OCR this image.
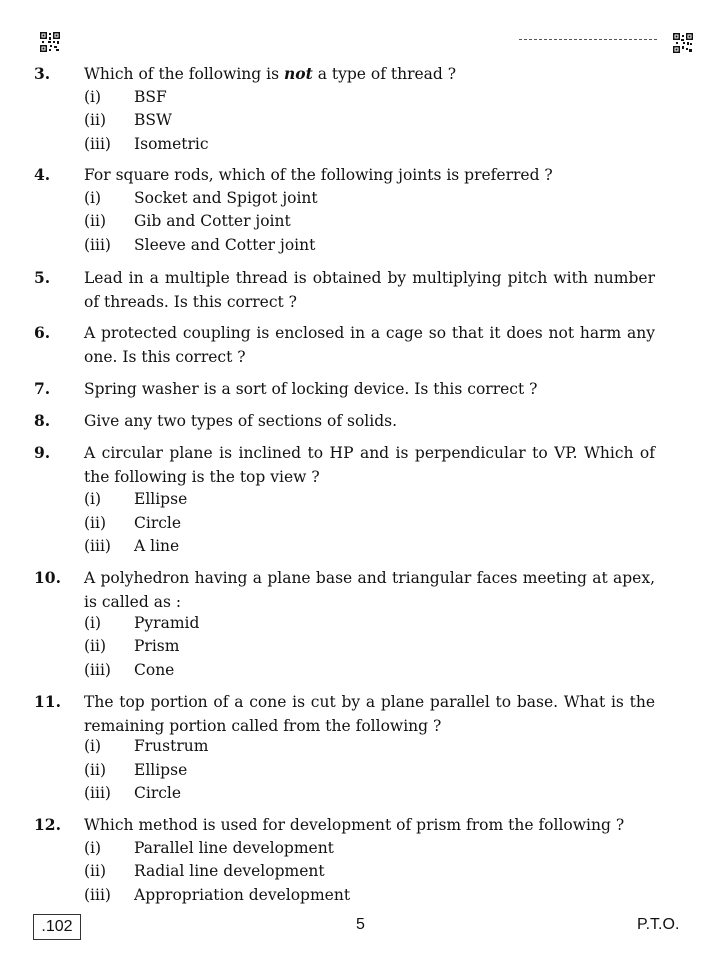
3. Which of the following is not a type of thread ?
(i) BSF
(ii) BSW
(iii) Isometric
4. For square rods, which of the following joints is preferred ?
(i) Socket and Spigot joint
(ii) Gib and Cotter joint
(iii) Sleeve and Cotter joint
5. Lead in a multiple thread is obtained by multiplying pitch with number of threads. Is this correct ?
6. A protected coupling is enclosed in a cage so that it does not harm any one. Is this correct ?
7. Spring washer is a sort of locking device. Is this correct ?
8. Give any two types of sections of solids.
9. A circular plane is inclined to HP and is perpendicular to VP. Which of the following is the top view ?
(i) Ellipse
(ii) Circle
(iii) A line
10. A polyhedron having a plane base and triangular faces meeting at apex, is called as :
(i) Pyramid
(ii) Prism
(iii) Cone
11. The top portion of a cone is cut by a plane parallel to base. What is the remaining portion called from the following ?
(i) Frustrum
(ii) Ellipse
(iii) Circle
12. Which method is used for development of prism from the following ?
(i) Parallel line development
(ii) Radial line development
(iii) Appropriation development
.102	5	P.T.O.
